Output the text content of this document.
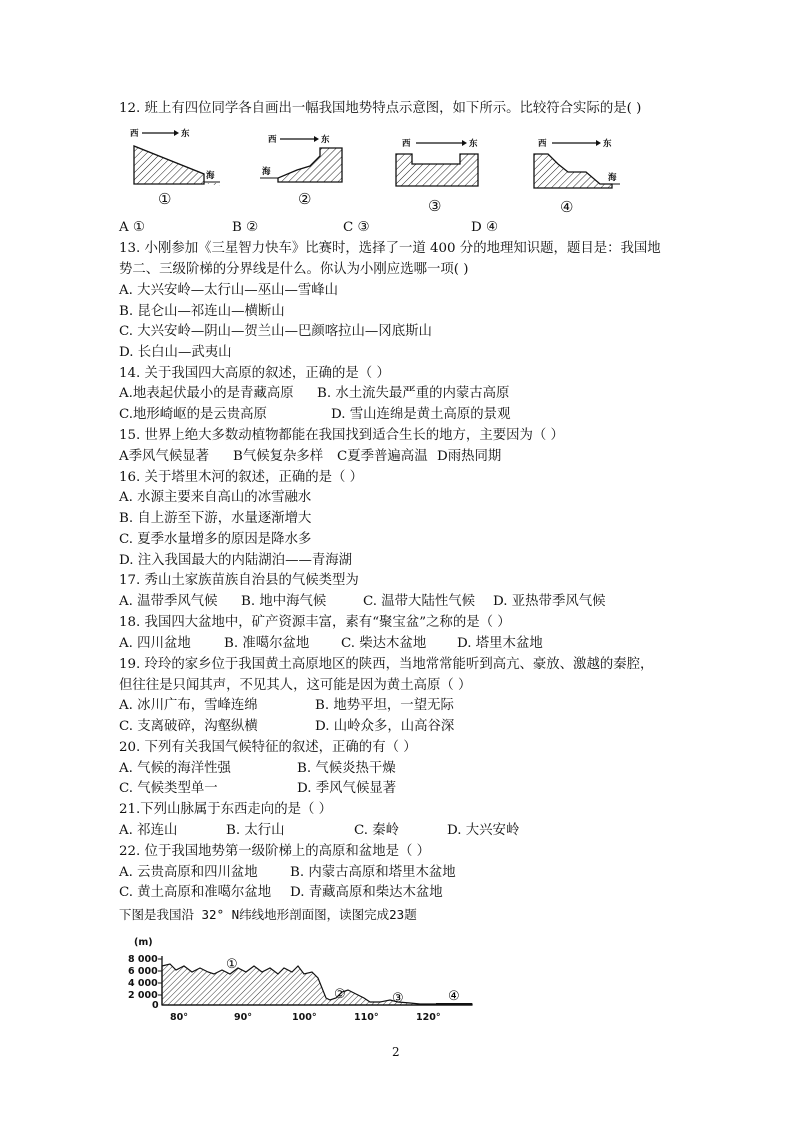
12. 班上有四位同学各自画出一幅我国地势特点示意图，如下所示。比较符合实际的是( )
西	东
海
①
西	东
海
②
西	东
③
西	东
海
④
A ①	B ②	C ③	D ④
13. 小刚参加《三星智力快车》比赛时，选择了一道 400 分的地理知识题，题目是：我国地
势二、三级阶梯的分界线是什么。你认为小刚应选哪一项( )
A. 大兴安岭—太行山—巫山—雪峰山
B. 昆仑山—祁连山—横断山
C. 大兴安岭—阴山—贺兰山—巴颜喀拉山—冈底斯山
D. 长白山—武夷山
14. 关于我国四大高原的叙述，正确的是（ ）
A.地表起伏最小的是青藏高原	B. 水土流失最严重的内蒙古高原
C.地形崎岖的是云贵高原	D. 雪山连绵是黄土高原的景观
15. 世界上绝大多数动植物都能在我国找到适合生长的地方，主要因为（ ）
A季风气候显著	B气候复杂多样	C夏季普遍高温 D雨热同期
16. 关于塔里木河的叙述，正确的是（ ）
A. 水源主要来自高山的冰雪融水
B. 自上游至下游，水量逐渐增大
C. 夏季水量增多的原因是降水多
D. 注入我国最大的内陆湖泊——青海湖
17. 秀山土家族苗族自治县的气候类型为
A. 温带季风气候	B. 地中海气候	C. 温带大陆性气候	D. 亚热带季风气候
18. 我国四大盆地中，矿产资源丰富，素有“聚宝盆”之称的是（ ）
A. 四川盆地	B. 准噶尔盆地	C. 柴达木盆地	D. 塔里木盆地
19. 玲玲的家乡位于我国黄土高原地区的陕西，当地常常能听到高亢、豪放、激越的秦腔，
但往往是只闻其声，不见其人，这可能是因为黄土高原（ ）
A. 冰川广布，雪峰连绵	B. 地势平坦，一望无际
C. 支离破碎，沟壑纵横	D. 山岭众多，山高谷深
20. 下列有关我国气候特征的叙述，正确的有（ ）
A. 气候的海洋性强	B. 气候炎热干燥
C. 气候类型单一	D. 季风气候显著
21.下列山脉属于东西走向的是（ ）
A. 祁连山	B. 太行山	C. 秦岭	D. 大兴安岭
22. 位于我国地势第一级阶梯上的高原和盆地是（ ）
A. 云贵高原和四川盆地	B. 内蒙古高原和塔里木盆地
C. 黄土高原和准噶尔盆地	D. 青藏高原和柴达木盆地
下图是我国沿 32° N纬线地形剖面图，读图完成23题
(m)
8 000
6 000
4 000
2 000
0
①
②	③	④
80°	90°	100°	110°	120°
2
